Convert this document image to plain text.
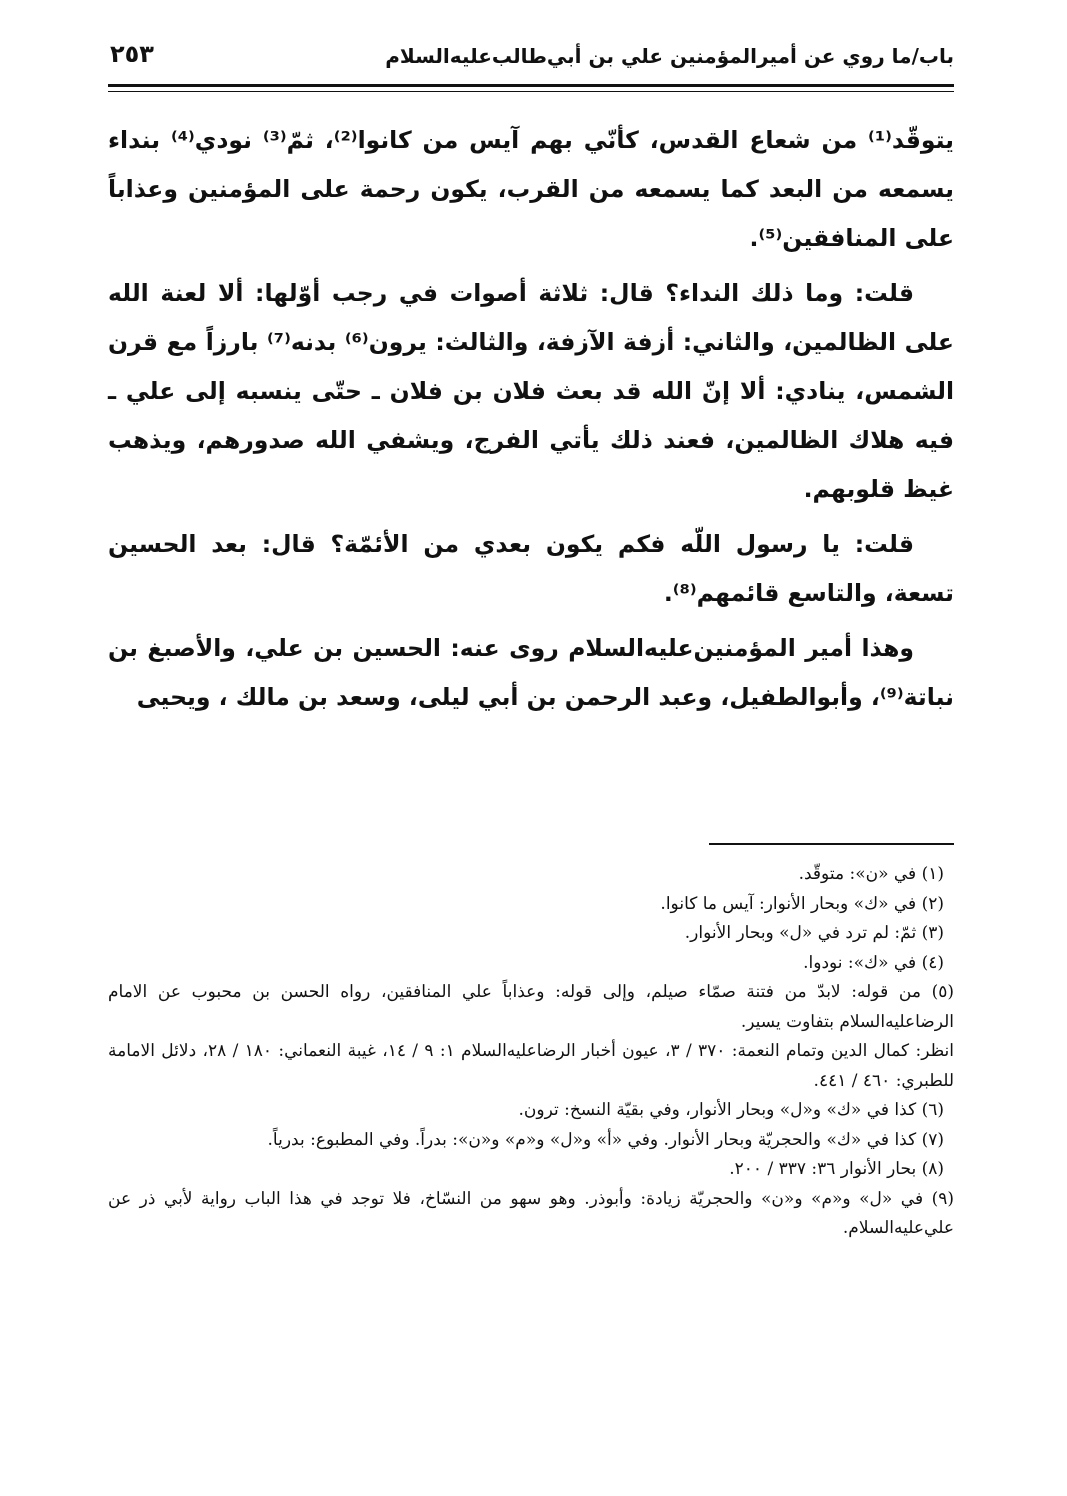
باب/ما روي عن أميرالمؤمنين علي بن أبي‌طالب‌عليه‌السلام
٢٥٣

يتوقّد⁽¹⁾ من شعاع القدس، كأنّي بهم آيس من كانوا⁽²⁾، ثمّ⁽³⁾ نودي⁽⁴⁾ بنداء يسمعه من البعد كما يسمعه من القرب، يكون رحمة على المؤمنين وعذاباً على المنافقين⁽⁵⁾.

قلت: وما ذلك النداء؟ قال: ثلاثة أصوات في رجب أوّلها: ألا لعنة الله على الظالمين، والثاني: أزفة الآزفة، والثالث: يرون⁽⁶⁾ بدنه⁽⁷⁾ بارزاً مع قرن الشمس، ينادي: ألا إنّ الله قد بعث فلان بن فلان ـ حتّى ينسبه إلى علي ـ فيه هلاك الظالمين، فعند ذلك يأتي الفرج، ويشفي الله صدورهم، ويذهب غيظ قلوبهم.

قلت: يا رسول اللّه فكم يكون بعدي من الأئمّة؟ قال: بعد الحسين تسعة، والتاسع قائمهم⁽⁸⁾.

وهذا أمير المؤمنين‌عليه‌السلام روى عنه: الحسين بن علي، والأصبغ بن نباتة⁽⁹⁾، وأبوالطفيل، وعبد الرحمن بن أبي ليلى، وسعد بن مالك ، ويحيى

(١) في «ن»: متوقّد.

(٢) في «ك» وبحار الأنوار: آيس ما كانوا.

(٣) ثمّ: لم ترد في «ل» وبحار الأنوار.

(٤) في «ك»: نودوا.

(٥) من قوله: لابدّ من فتنة صمّاء صيلم، وإلى قوله: وعذاباً علي المنافقين، رواه الحسن بن محبوب عن الامام الرضاعليه‌السلام بتفاوت يسير.

انظر: كمال الدين وتمام النعمة: ٣٧٠ / ٣، عيون أخبار الرضاعليه‌السلام ١: ٩ / ١٤، غيبة النعماني: ١٨٠ / ٢٨، دلائل الامامة للطبري: ٤٦٠ / ٤٤١.

(٦) كذا في «ك» و«ل» وبحار الأنوار، وفي بقيّة النسخ: ترون.

(٧) كذا في «ك» والحجريّة وبحار الأنوار. وفي «أ» و«ل» و«م» و«ن»: بدراً. وفي المطبوع: بدرياً.

(٨) بحار الأنوار ٣٦: ٣٣٧ / ٢٠٠.

(٩) في «ل» و«م» و«ن» والحجريّة زيادة: وأبوذر. وهو سهو من النسّاخ، فلا توجد في هذا الباب رواية لأبي ذر عن علي‌عليه‌السلام.
